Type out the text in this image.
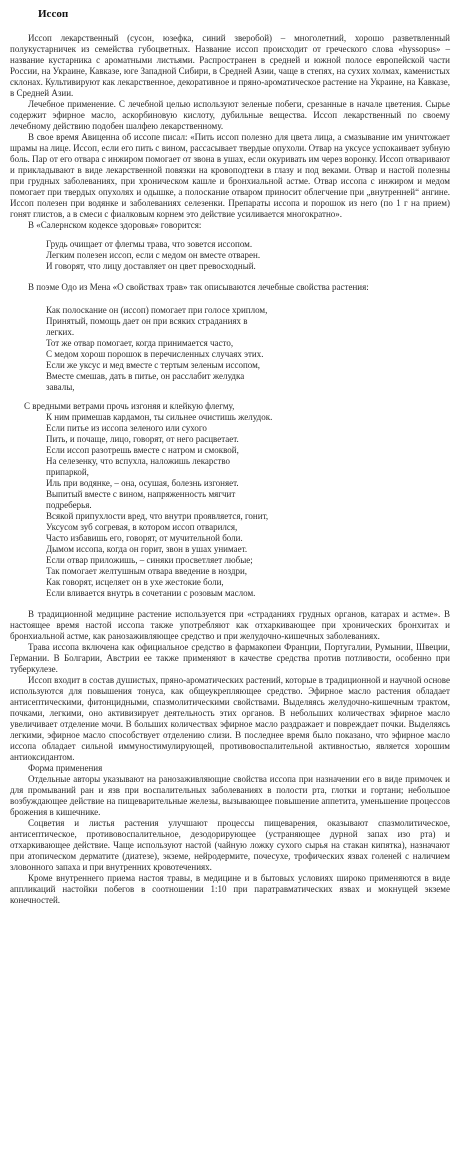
Иссоп

Иссоп лекарственный (сусон, юзефка, синий зверобой) – многолетний, хорошо разветвленный полукустарничек из семейства губоцветных. Название иссоп происходит от греческого слова «hyssopus» – название кустарника с ароматными листьями. Распространен в средней и южной полосе европейской части России, на Украине, Кавказе, юге Западной Сибири, в Средней Азии, чаще в степях, на сухих холмах, каменистых склонах. Культивируют как лекарственное, декоративное и пряно-ароматическое растение на Украине, на Кавказе, в Средней Азии.

Лечебное применение. С лечебной целью используют зеленые побеги, срезанные в начале цветения. Сырье содержит эфирное масло, аскорбиновую кислоту, дубильные вещества. Иссоп лекарственный по своему лечебному действию подобен шалфею лекарственному.

В свое время Авиценна об иссопе писал: «Пить иссоп полезно для цвета лица, а смазывание им уничтожает шрамы на лице. Иссоп, если его пить с вином, рассасывает твердые опухоли. Отвар на уксусе успокаивает зубную боль. Пар от его отвара с инжиром помогает от звона в ушах, если окуривать им через воронку. Иссоп отваривают и прикладывают в виде лекарственной повязки на кровоподтеки в глазу и под веками. Отвар и настой полезны при грудных заболеваниях, при хроническом кашле и бронхиальной астме. Отвар иссопа с инжиром и медом помогает при твердых опухолях и одышке, а полоскание отваром приносит облегчение при „внутренней“ ангине. Иссоп полезен при водянке и заболеваниях селезенки. Препараты иссопа и порошок из него (по 1 г на прием) гонят глистов, а в смеси с фиалковым корнем это действие усиливается многократно».

В «Салернском кодексе здоровья» говорится:

Грудь очищает от флегмы трава, что зовется иссопом.
Легким полезен иссоп, если с медом он вместе отварен.
И говорят, что лицу доставляет он цвет превосходный.

В поэме Одо из Мена «О свойствах трав» так описываются лечебные свойства растения:

Как полоскание он (иссоп) помогает при голосе хриплом,
Принятый, помощь дает он при всяких страданиях в
легких.
Тот же отвар помогает, когда принимается часто,
С медом хорош порошок в перечисленных случаях этих.
Если же уксус и мед вместе с тертым зеленым иссопом,
Вместе смешав, дать в питье, он расслабит желудка
завалы,
С вредными ветрами прочь изгоняя и клейкую флегму,
К ним примешав кардамон, ты сильнее очистишь желудок.
Если питье из иссопа зеленого или сухого
Пить, и почаще, лицо, говорят, от него расцветает.
Если иссоп разотрешь вместе с натром и смоквой,
На селезенку, что вспухла, наложишь лекарство
припаркой,
Иль при водянке, – она, осушая, болезнь изгоняет.
Выпитый вместе с вином, напряженность мягчит
подреберья.
Всякой припухлости вред, что внутри проявляется, гонит,
Уксусом зуб согревая, в котором иссоп отварился,
Часто избавишь его, говорят, от мучительной боли.
Дымом иссопа, когда он горит, звон в ушах унимает.
Если отвар приложишь, – синяки просветляет любые;
Так помогает желтушным отвара введение в ноздри,
Как говорят, исцеляет он в ухе жестокие боли,
Если вливается внутрь в сочетании с розовым маслом.

В традиционной медицине растение используется при «страданиях грудных органов, катарах и астме». В настоящее время настой иссопа также употребляют как отхаркивающее при хронических бронхитах и бронхиальной астме, как ранозаживляющее средство и при желудочно-кишечных заболеваниях.

Трава иссопа включена как официальное средство в фармакопеи Франции, Португалии, Румынии, Швеции, Германии. В Болгарии, Австрии ее также применяют в качестве средства против потливости, особенно при туберкулезе.

Иссоп входит в состав душистых, пряно-ароматических растений, которые в традиционной и научной основе используются для повышения тонуса, как общеукрепляющее средство. Эфирное масло растения обладает антисептическими, фитонцидными, спазмолитическими свойствами. Выделяясь желудочно-кишечным трактом, почками, легкими, оно активизирует деятельность этих органов. В небольших количествах эфирное масло увеличивает отделение мочи. В больших количествах эфирное масло раздражает и повреждает почки. Выделяясь легкими, эфирное масло способствует отделению слизи. В последнее время было показано, что эфирное масло иссопа обладает сильной иммуностимулирующей, противовоспалительной активностью, является хорошим антиоксидантом.

Форма применения

Отдельные авторы указывают на ранозаживляющие свойства иссопа при назначении его в виде примочек и для промываний ран и язв при воспалительных заболеваниях в полости рта, глотки и гортани; небольшое возбуждающее действие на пищеварительные железы, вызывающее повышение аппетита, уменьшение процессов брожения в кишечнике.

Соцветия и листья растения улучшают процессы пищеварения, оказывают спазмолитическое, антисептическое, противовоспалительное, дезодорирующее (устраняющее дурной запах изо рта) и отхаркивающее действие. Чаще используют настой (чайную ложку сухого сырья на стакан кипятка), назначают при атопическом дерматите (диатезе), экземе, нейродермите, почесухе, трофических язвах голеней с наличием зловонного запаха и при внутренних кровотечениях.

Кроме внутреннего приема настоя травы, в медицине и в бытовых условиях широко применяются в виде аппликаций настойки побегов в соотношении 1:10 при паратравматических язвах и мокнущей экземе конечностей.
